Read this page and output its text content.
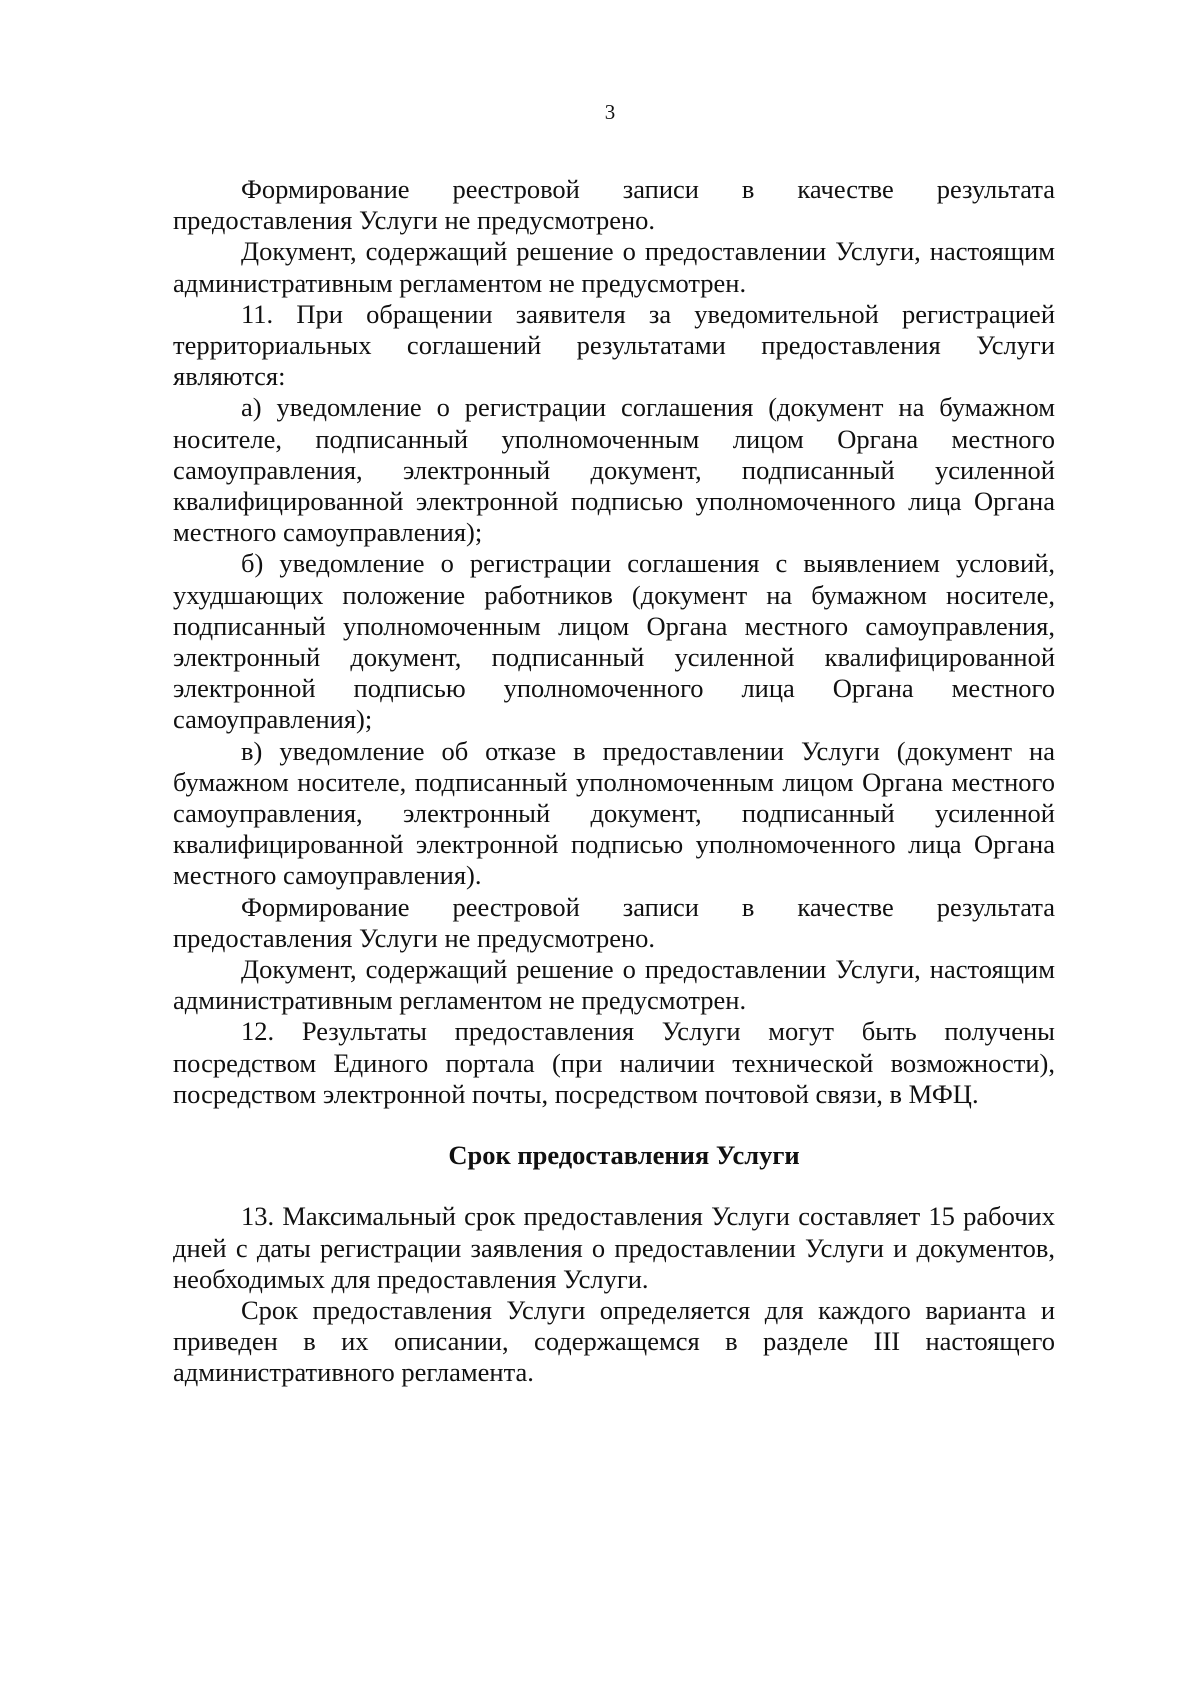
3

Формирование реестровой записи в качестве результата предоставления Услуги не предусмотрено.

Документ, содержащий решение о предоставлении Услуги, настоящим административным регламентом не предусмотрен.

11. При обращении заявителя за уведомительной регистрацией территориальных соглашений результатами предоставления Услуги являются:

а) уведомление о регистрации соглашения (документ на бумажном носителе, подписанный уполномоченным лицом Органа местного самоуправления, электронный документ, подписанный усиленной квалифицированной электронной подписью уполномоченного лица Органа местного самоуправления);

б) уведомление о регистрации соглашения с выявлением условий, ухудшающих положение работников (документ на бумажном носителе, подписанный уполномоченным лицом Органа местного самоуправления, электронный документ, подписанный усиленной квалифицированной электронной подписью уполномоченного лица Органа местного самоуправления);

в) уведомление об отказе в предоставлении Услуги (документ на бумажном носителе, подписанный уполномоченным лицом Органа местного самоуправления, электронный документ, подписанный усиленной квалифицированной электронной подписью уполномоченного лица Органа местного самоуправления).

Формирование реестровой записи в качестве результата предоставления Услуги не предусмотрено.

Документ, содержащий решение о предоставлении Услуги, настоящим административным регламентом не предусмотрен.

12. Результаты предоставления Услуги могут быть получены посредством Единого портала (при наличии технической возможности), посредством электронной почты, посредством почтовой связи, в МФЦ.

Срок предоставления Услуги

13. Максимальный срок предоставления Услуги составляет 15 рабочих дней с даты регистрации заявления о предоставлении Услуги и документов, необходимых для предоставления Услуги.

Срок предоставления Услуги определяется для каждого варианта и приведен в их описании, содержащемся в разделе III настоящего административного регламента.
